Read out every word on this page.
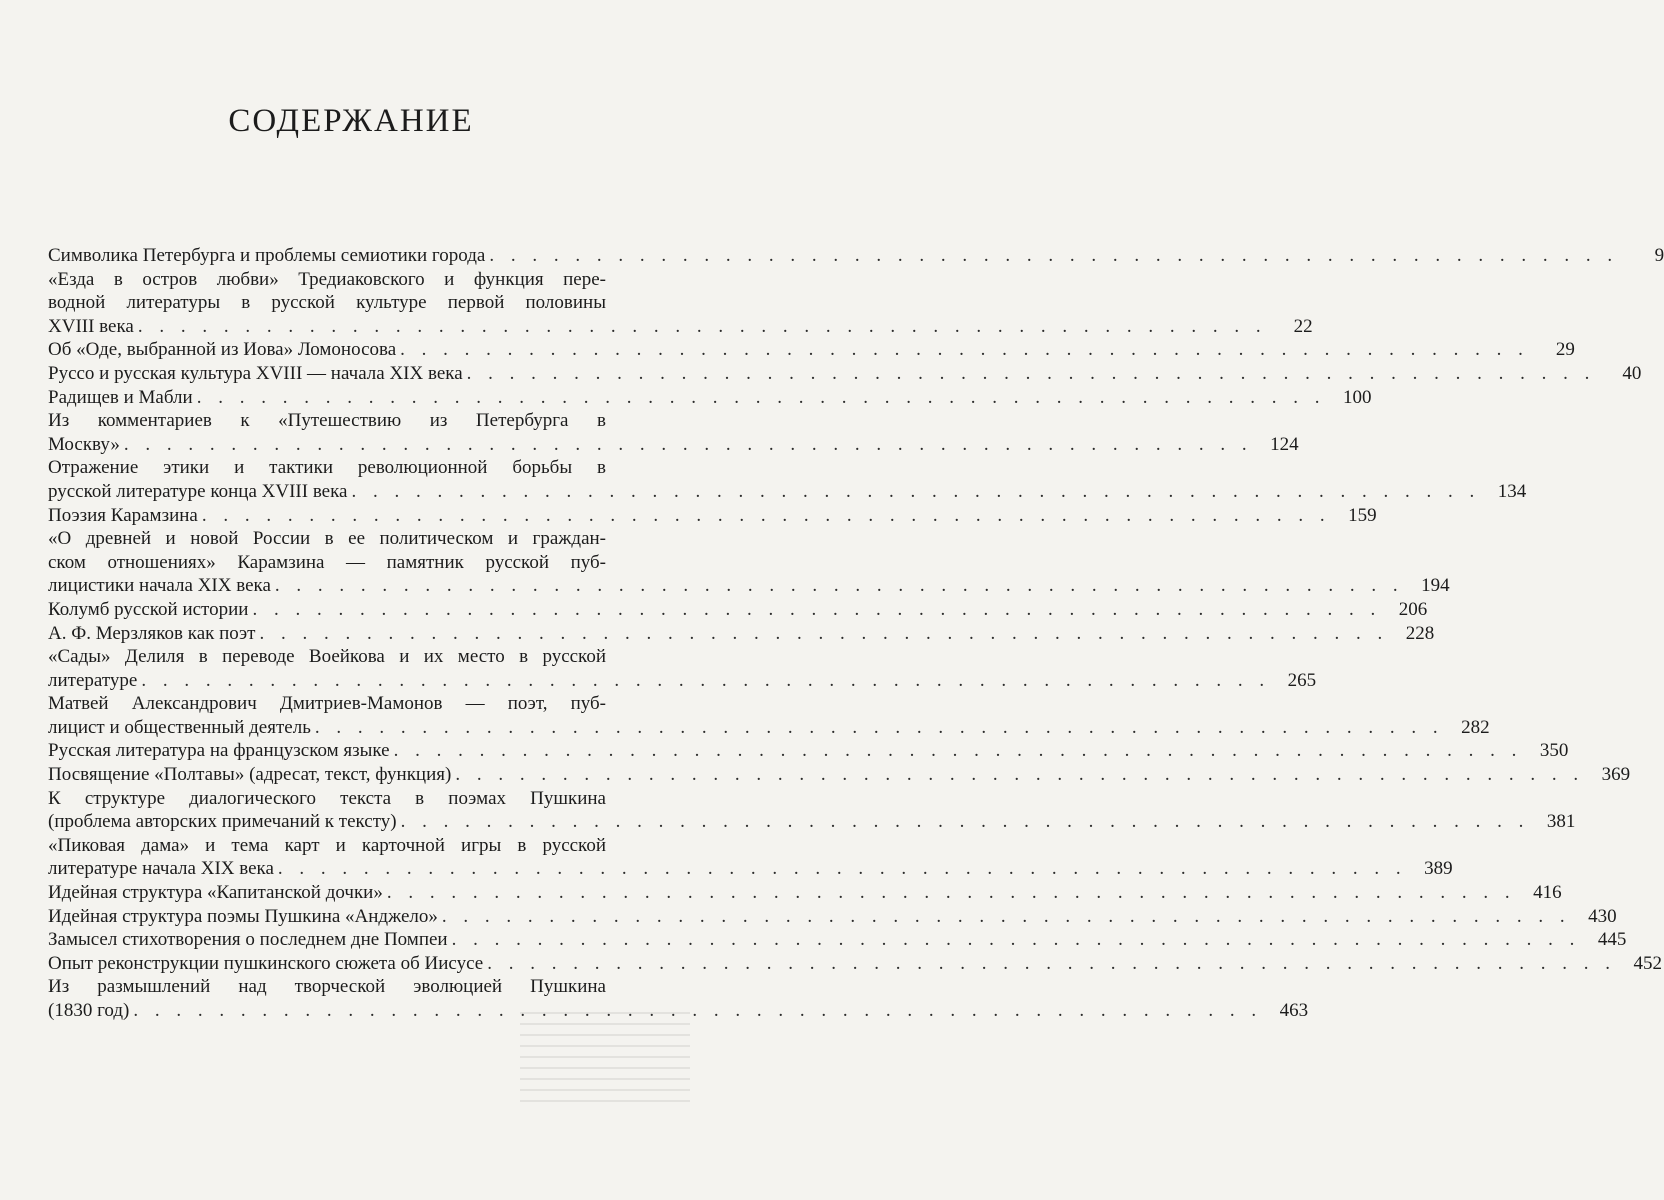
СОДЕРЖАНИЕ
Символика Петербурга и проблемы семиотики города . . . . . . . . . . . . . . . . . . . . . . . . . . . . . . . . . . . . . . . . . . . . . . . . . . . . .	9
«Езда в остров любви» Тредиаковского и функция пере-
водной литературы в русской культуре первой половины
XVIII века . . . . . . . . . . . . . . . . . . . . . . . . . . . . . . . . . . . . . . . . . . . . . . . . . . . . .	22
Об «Оде, выбранной из Иова» Ломоносова . . . . . . . . . . . . . . . . . . . . . . . . . . . . . . . . . . . . . . . . . . . . . . . . . . . . .	29
Руссо и русская культура XVIII — начала XIX века . . . . . . . . . . . . . . . . . . . . . . . . . . . . . . . . . . . . . . . . . . . . . . . . . . . . .	40
Радищев и Мабли . . . . . . . . . . . . . . . . . . . . . . . . . . . . . . . . . . . . . . . . . . . . . . . . . . . . . 100
Из комментариев к «Путешествию из Петербурга в
Москву» . . . . . . . . . . . . . . . . . . . . . . . . . . . . . . . . . . . . . . . . . . . . . . . . . . . . . 124
Отражение этики и тактики революционной борьбы в
русской литературе конца XVIII века . . . . . . . . . . . . . . . . . . . . . . . . . . . . . . . . . . . . . . . . . . . . . . . . . . . . . 134
Поэзия Карамзина . . . . . . . . . . . . . . . . . . . . . . . . . . . . . . . . . . . . . . . . . . . . . . . . . . . . . 159
«О древней и новой России в ее политическом и граждан-
ском отношениях» Карамзина — памятник русской пуб-
лицистики начала XIX века . . . . . . . . . . . . . . . . . . . . . . . . . . . . . . . . . . . . . . . . . . . . . . . . . . . . . 194
Колумб русской истории . . . . . . . . . . . . . . . . . . . . . . . . . . . . . . . . . . . . . . . . . . . . . . . . . . . . . 206
А. Ф. Мерзляков как поэт . . . . . . . . . . . . . . . . . . . . . . . . . . . . . . . . . . . . . . . . . . . . . . . . . . . . . 228
«Сады» Делиля в переводе Воейкова и их место в русской
литературе . . . . . . . . . . . . . . . . . . . . . . . . . . . . . . . . . . . . . . . . . . . . . . . . . . . . . 265
Матвей Александрович Дмитриев-Мамонов — поэт, пуб-
лицист и общественный деятель . . . . . . . . . . . . . . . . . . . . . . . . . . . . . . . . . . . . . . . . . . . . . . . . . . . . . 282
Русская литература на французском языке . . . . . . . . . . . . . . . . . . . . . . . . . . . . . . . . . . . . . . . . . . . . . . . . . . . . . 350
Посвящение «Полтавы» (адресат, текст, функция) . . . . . . . . . . . . . . . . . . . . . . . . . . . . . . . . . . . . . . . . . . . . . . . . . . . . . 369
К структуре диалогического текста в поэмах Пушкина
(проблема авторских примечаний к тексту) . . . . . . . . . . . . . . . . . . . . . . . . . . . . . . . . . . . . . . . . . . . . . . . . . . . . . 381
«Пиковая дама» и тема карт и карточной игры в русской
литературе начала XIX века . . . . . . . . . . . . . . . . . . . . . . . . . . . . . . . . . . . . . . . . . . . . . . . . . . . . . 389
Идейная структура «Капитанской дочки» . . . . . . . . . . . . . . . . . . . . . . . . . . . . . . . . . . . . . . . . . . . . . . . . . . . . . 416
Идейная структура поэмы Пушкина «Анджело» . . . . . . . . . . . . . . . . . . . . . . . . . . . . . . . . . . . . . . . . . . . . . . . . . . . . . 430
Замысел стихотворения о последнем дне Помпеи . . . . . . . . . . . . . . . . . . . . . . . . . . . . . . . . . . . . . . . . . . . . . . . . . . . . . 445
Опыт реконструкции пушкинского сюжета об Иисусе . . . . . . . . . . . . . . . . . . . . . . . . . . . . . . . . . . . . . . . . . . . . . . . . . . . . . 452
Из размышлений над творческой эволюцией Пушкина
(1830 год) . . . . . . . . . . . . . . . . . . . . . . . . . . . . . . . . . . . . . . . . . . . . . . . . . . . . . 463
